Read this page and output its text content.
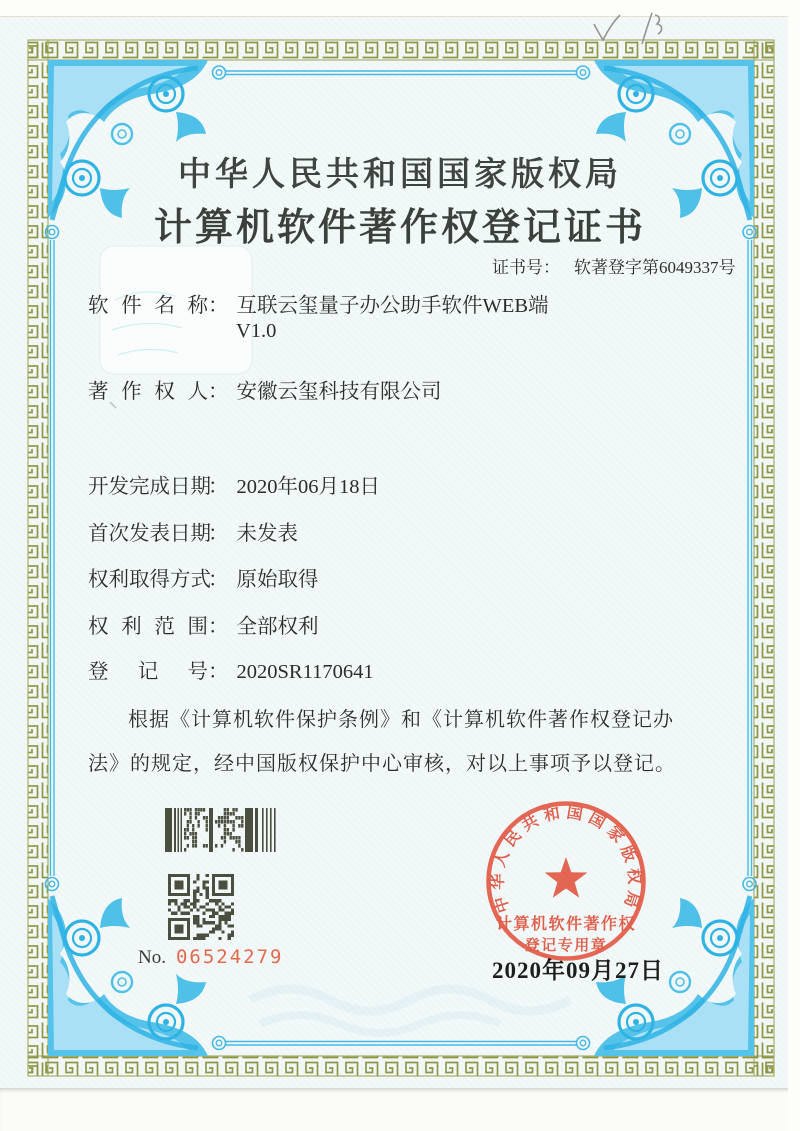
中华人民共和国国家版权局
计算机软件著作权
登记专用章
中华人民共和国国家版权局
计算机软件著作权登记证书
证书号： 软著登字第6049337号
软件名称： 互联云玺量子办公助手软件WEB端
V1.0
著作权人： 安徽云玺科技有限公司
开发完成日期： 2020年06月18日
首次发表日期： 未发表
权利取得方式： 原始取得
权利范围： 全部权利
登记号： 2020SR1170641
根据《计算机软件保护条例》和《计算机软件著作权登记办法》的规定，经中国版权保护中心审核，对以上事项予以登记。
No. 06524279
2020年09月27日
